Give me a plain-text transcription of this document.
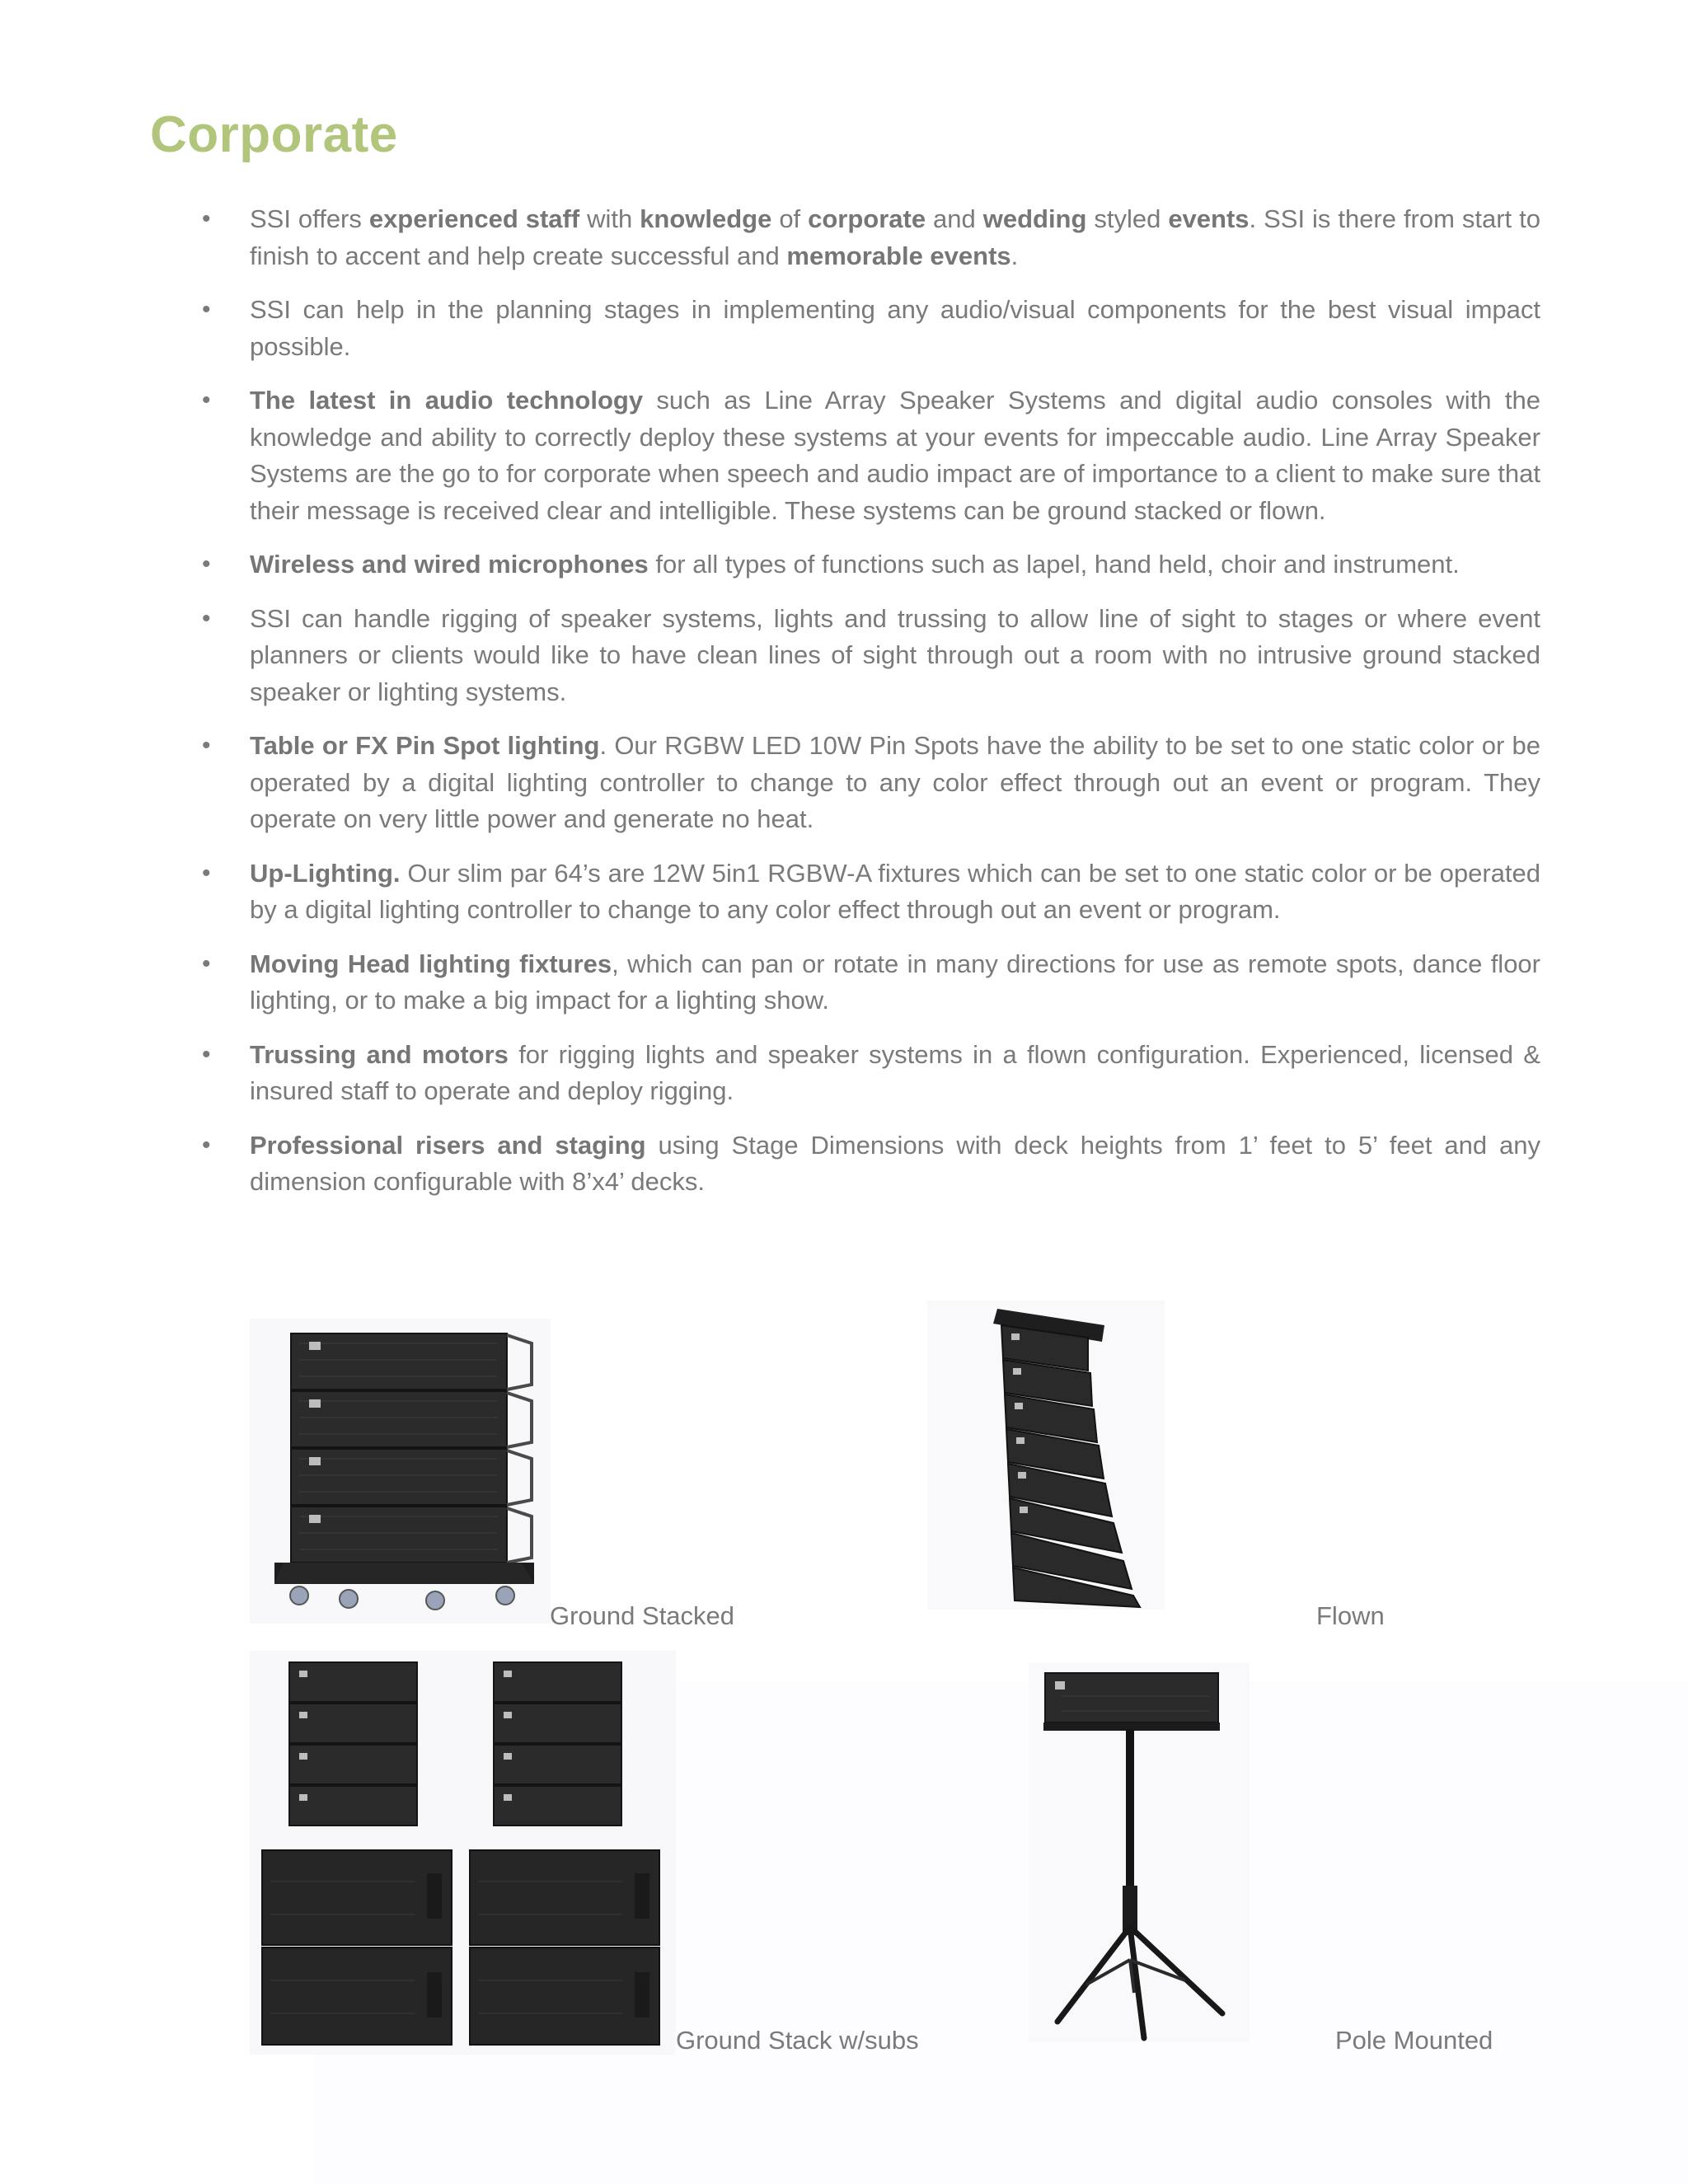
Corporate
• SSI offers experienced staff with knowledge of corporate and wedding styled events. SSI is there from start to finish to accent and help create successful and memorable events.
• SSI can help in the planning stages in implementing any audio/visual components for the best visual impact possible.
• The latest in audio technology such as Line Array Speaker Systems and digital audio consoles with the knowledge and ability to correctly deploy these systems at your events for impeccable audio. Line Array Speaker Systems are the go to for corporate when speech and audio impact are of importance to a client to make sure that their message is received clear and intelligible. These systems can be ground stacked or flown.
• Wireless and wired microphones for all types of functions such as lapel, hand held, choir and instrument.
• SSI can handle rigging of speaker systems, lights and trussing to allow line of sight to stages or where event planners or clients would like to have clean lines of sight through out a room with no intrusive ground stacked speaker or lighting systems.
• Table or FX Pin Spot lighting. Our RGBW LED 10W Pin Spots have the ability to be set to one static color or be operated by a digital lighting controller to change to any color effect through out an event or program. They operate on very little power and generate no heat.
• Up-Lighting. Our slim par 64’s are 12W 5in1 RGBW-A fixtures which can be set to one static color or be operated by a digital lighting controller to change to any color effect through out an event or program.
• Moving Head lighting fixtures, which can pan or rotate in many directions for use as remote spots, dance floor lighting, or to make a big impact for a lighting show.
• Trussing and motors for rigging lights and speaker systems in a flown configuration. Experienced, licensed & insured staff to operate and deploy rigging.
• Professional risers and staging using Stage Dimensions with deck heights from 1’ feet to 5’ feet and any dimension configurable with 8’x4’ decks.
Ground Stacked	Flown
Ground Stack w/subs	Pole Mounted
